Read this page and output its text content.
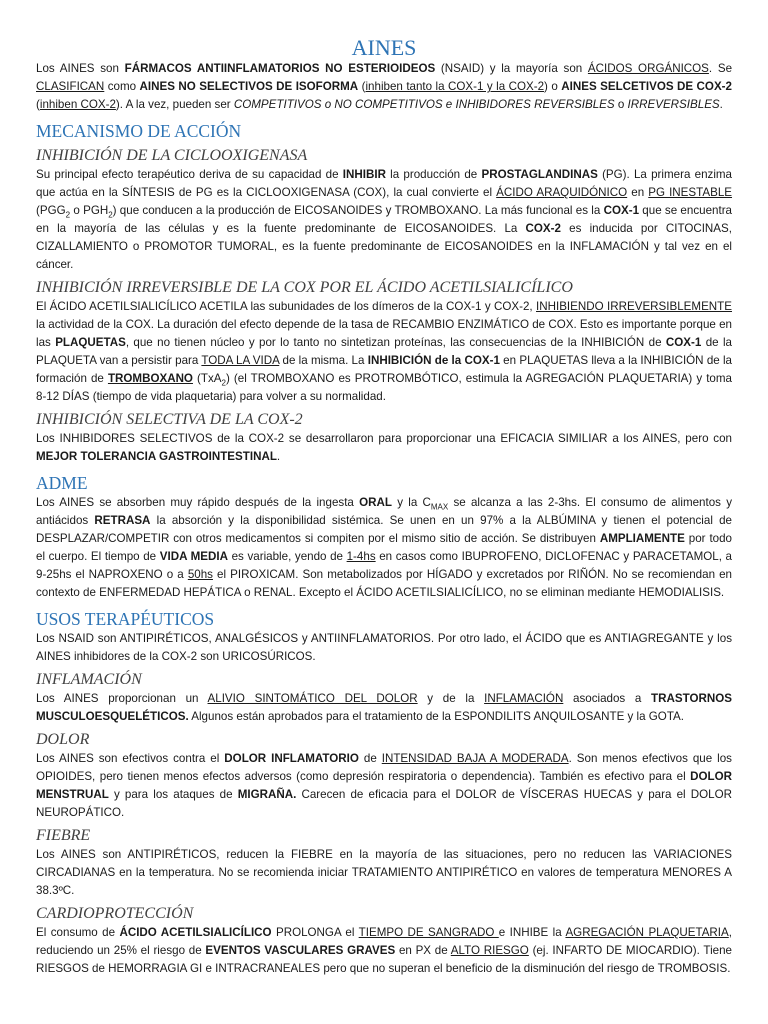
AINES

Los AINES son FÁRMACOS ANTIINFLAMATORIOS NO ESTERIOIDEOS (NSAID) y la mayoría son ÁCIDOS ORGÁNICOS. Se CLASIFICAN como AINES NO SELECTIVOS DE ISOFORMA (inhiben tanto la COX-1 y la COX-2) o AINES SELCETIVOS DE COX-2 (inhiben COX-2). A la vez, pueden ser COMPETITIVOS o NO COMPETITIVOS e INHIBIDORES REVERSIBLES o IRREVERSIBLES.

MECANISMO DE ACCIÓN
INHIBICIÓN DE LA CICLOOXIGENASA

Su principal efecto terapéutico deriva de su capacidad de INHIBIR la producción de PROSTAGLANDINAS (PG). La primera enzima que actúa en la SÍNTESIS de PG es la CICLOOXIGENASA (COX), la cual convierte el ÁCIDO ARAQUIDÓNICO en PG INESTABLE ($PGG_2$ o $PGH_2$) que conducen a la producción de EICOSANOIDES y TROMBOXANO. La más funcional es la COX-1 que se encuentra en la mayoría de las células y es la fuente predominante de EICOSANOIDES. La COX-2 es inducida por CITOCINAS, CIZALLAMIENTO o PROMOTOR TUMORAL, es la fuente predominante de EICOSANOIDES en la INFLAMACIÓN y tal vez en el cáncer.

INHIBICIÓN IRREVERSIBLE DE LA COX POR EL ÁCIDO ACETILSIALICÍLICO

El ÁCIDO ACETILSIALICÍLICO ACETILA las subunidades de los dímeros de la COX-1 y COX-2, INHIBIENDO IRREVERSIBLEMENTE la actividad de la COX. La duración del efecto depende de la tasa de RECAMBIO ENZIMÁTICO de COX. Esto es importante porque en las PLAQUETAS, que no tienen núcleo y por lo tanto no sintetizan proteínas, las consecuencias de la INHIBICIÓN de COX-1 de la PLAQUETA van a persistir para TODA LA VIDA de la misma. La INHIBICIÓN de la COX-1 en PLAQUETAS lleva a la INHIBICIÓN de la formación de TROMBOXANO (TxA$_2$) (el TROMBOXANO es PROTROMBÓTICO, estimula la AGREGACIÓN PLAQUETARIA) y toma 8-12 DÍAS (tiempo de vida plaquetaria) para volver a su normalidad.

INHIBICIÓN SELECTIVA DE LA COX-2

Los INHIBIDORES SELECTIVOS de la COX-2 se desarrollaron para proporcionar una EFICACIA SIMILIAR a los AINES, pero con MEJOR TOLERANCIA GASTROINTESTINAL.

ADME

Los AINES se absorben muy rápido después de la ingesta ORAL y la $C_{MAX}$ se alcanza a las 2-3hs. El consumo de alimentos y antiácidos RETRASA la absorción y la disponibilidad sistémica. Se unen en un 97% a la ALBÚMINA y tienen el potencial de DESPLAZAR/COMPETIR con otros medicamentos si compiten por el mismo sitio de acción. Se distribuyen AMPLIAMENTE por todo el cuerpo. El tiempo de VIDA MEDIA es variable, yendo de 1-4hs en casos como IBUPROFENO, DICLOFENAC y PARACETAMOL, a 9-25hs el NAPROXENO o a 50hs el PIROXICAM. Son metabolizados por HÍGADO y excretados por RIÑÓN. No se recomiendan en contexto de ENFERMEDAD HEPÁTICA o RENAL. Excepto el ÁCIDO ACETILSIALICÍLICO, no se eliminan mediante HEMODIALISIS.

USOS TERAPÉUTICOS

Los NSAID son ANTIPIRÉTICOS, ANALGÉSICOS y ANTIINFLAMATORIOS. Por otro lado, el ÁCIDO que es ANTIAGREGANTE y los AINES inhibidores de la COX-2 son URICOSÚRICOS.

INFLAMACIÓN

Los AINES proporcionan un ALIVIO SINTOMÁTICO DEL DOLOR y de la INFLAMACIÓN asociados a TRASTORNOS MUSCULOESQUELÉTICOS. Algunos están aprobados para el tratamiento de la ESPONDILITS ANQUILOSANTE y la GOTA.

DOLOR

Los AINES son efectivos contra el DOLOR INFLAMATORIO de INTENSIDAD BAJA A MODERADA. Son menos efectivos que los OPIOIDES, pero tienen menos efectos adversos (como depresión respiratoria o dependencia). También es efectivo para el DOLOR MENSTRUAL y para los ataques de MIGRAÑA. Carecen de eficacia para el DOLOR de VÍSCERAS HUECAS y para el DOLOR NEUROPÁTICO.

FIEBRE

Los AINES son ANTIPIRÉTICOS, reducen la FIEBRE en la mayoría de las situaciones, pero no reducen las VARIACIONES CIRCADIANAS en la temperatura. No se recomienda iniciar TRATAMIENTO ANTIPIRÉTICO en valores de temperatura MENORES A 38.3ºC.

CARDIOPROTECCIÓN

El consumo de ÁCIDO ACETILSIALICÍLICO PROLONGA el TIEMPO DE SANGRADO e INHIBE la AGREGACIÓN PLAQUETARIA, reduciendo un 25% el riesgo de EVENTOS VASCULARES GRAVES en PX de ALTO RIESGO (ej. INFARTO DE MIOCARDIO). Tiene RIESGOS de HEMORRAGIA GI e INTRACRANEALES pero que no superan el beneficio de la disminución del riesgo de TROMBOSIS.
